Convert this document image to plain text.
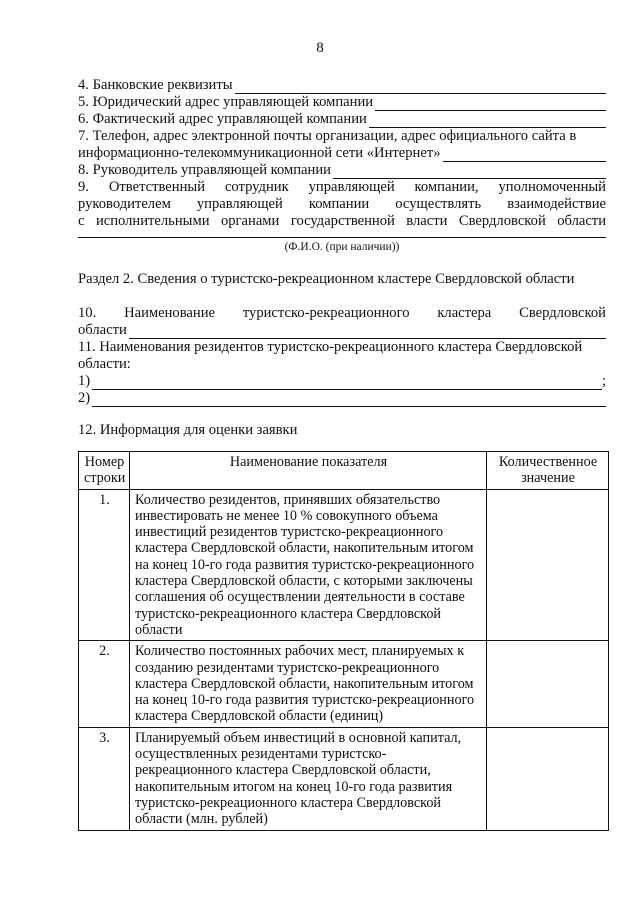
8
4. Банковские реквизиты
5. Юридический адрес управляющей компании
6. Фактический адрес управляющей компании
7. Телефон, адрес электронной почты организации, адрес официального сайта в
информационно-телекоммуникационной сети «Интернет»
8. Руководитель управляющей компании
9. Ответственный сотрудник управляющей компании, уполномоченный
руководителем управляющей компании осуществлять взаимодействие
с исполнительными органами государственной власти Свердловской области
(Ф.И.О. (при наличии))
Раздел 2. Сведения о туристско-рекреационном кластере Свердловской области
10. Наименование туристско-рекреационного кластера Свердловской
области
11. Наименования резидентов туристско-рекреационного кластера Свердловской
области:
1)	;
2)
12. Информация для оценки заявки
Номер строки	Наименование показателя	Количественное значение
1.	Количество резидентов, принявших обязательство инвестировать не менее 10 % совокупного объема инвестиций резидентов туристско-рекреационного кластера Свердловской области, накопительным итогом на конец 10-го года развития туристско-рекреационного кластера Свердловской области, с которыми заключены соглашения об осуществлении деятельности в составе туристско-рекреационного кластера Свердловской области	
2.	Количество постоянных рабочих мест, планируемых к созданию резидентами туристско-рекреационного кластера Свердловской области, накопительным итогом на конец 10-го года развития туристско-рекреационного кластера Свердловской области (единиц)	
3.	Планируемый объем инвестиций в основной капитал, осуществленных резидентами туристско-рекреационного кластера Свердловской области, накопительным итогом на конец 10-го года развития туристско-рекреационного кластера Свердловской области (млн. рублей)	
